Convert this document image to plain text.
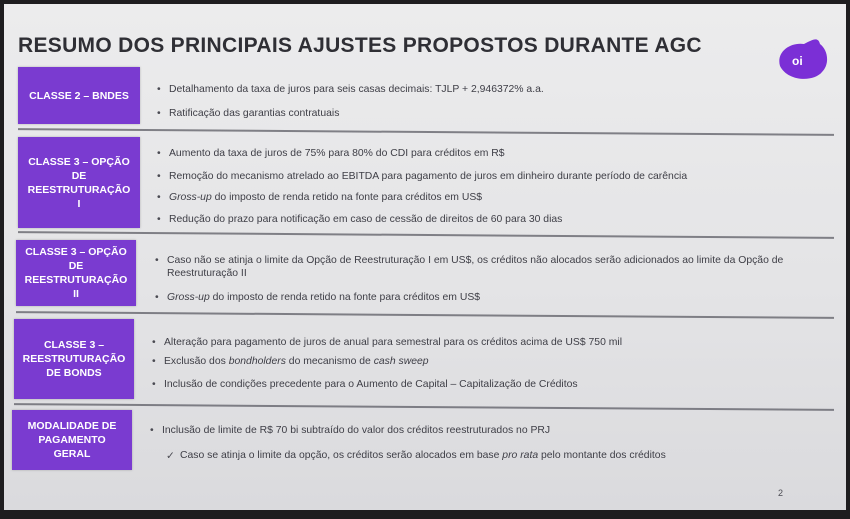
RESUMO DOS PRINCIPAIS AJUSTES PROPOSTOS DURANTE AGC
oi
CLASSE 2 – BNDES
•	Detalhamento da taxa de juros para seis casas decimais: TJLP + 2,946372% a.a.
• Ratificação das garantias contratuais
CLASSE 3 – OPÇÃO
DE
REESTRUTURAÇÃO
I
• Aumento da taxa de juros de 75% para 80% do CDI para créditos em R$
• Remoção do mecanismo atrelado ao EBITDA para pagamento de juros em dinheiro durante período de carência
• Gross-up do imposto de renda retido na fonte para créditos em US$
• Redução do prazo para notificação em caso de cessão de direitos de 60 para 30 dias
CLASSE 3 – OPÇÃO
DE
REESTRUTURAÇÃO
II
• Caso não se atinja o limite da Opção de Reestruturação I em US$, os créditos não alocados serão adicionados ao limite da Opção de Reestruturação II
• Gross-up do imposto de renda retido na fonte para créditos em US$
CLASSE 3 –
REESTRUTURAÇÃO
DE BONDS
• Alteração para pagamento de juros de anual para semestral para os créditos acima de US$ 750 mil
• Exclusão dos bondholders do mecanismo de cash sweep
• Inclusão de condições precedente para o Aumento de Capital – Capitalização de Créditos
MODALIDADE DE
PAGAMENTO
GERAL
• Inclusão de limite de R$ 70 bi subtraído do valor dos créditos reestruturados no PRJ
✓ Caso se atinja o limite da opção, os créditos serão alocados em base pro rata pelo montante dos créditos
2
